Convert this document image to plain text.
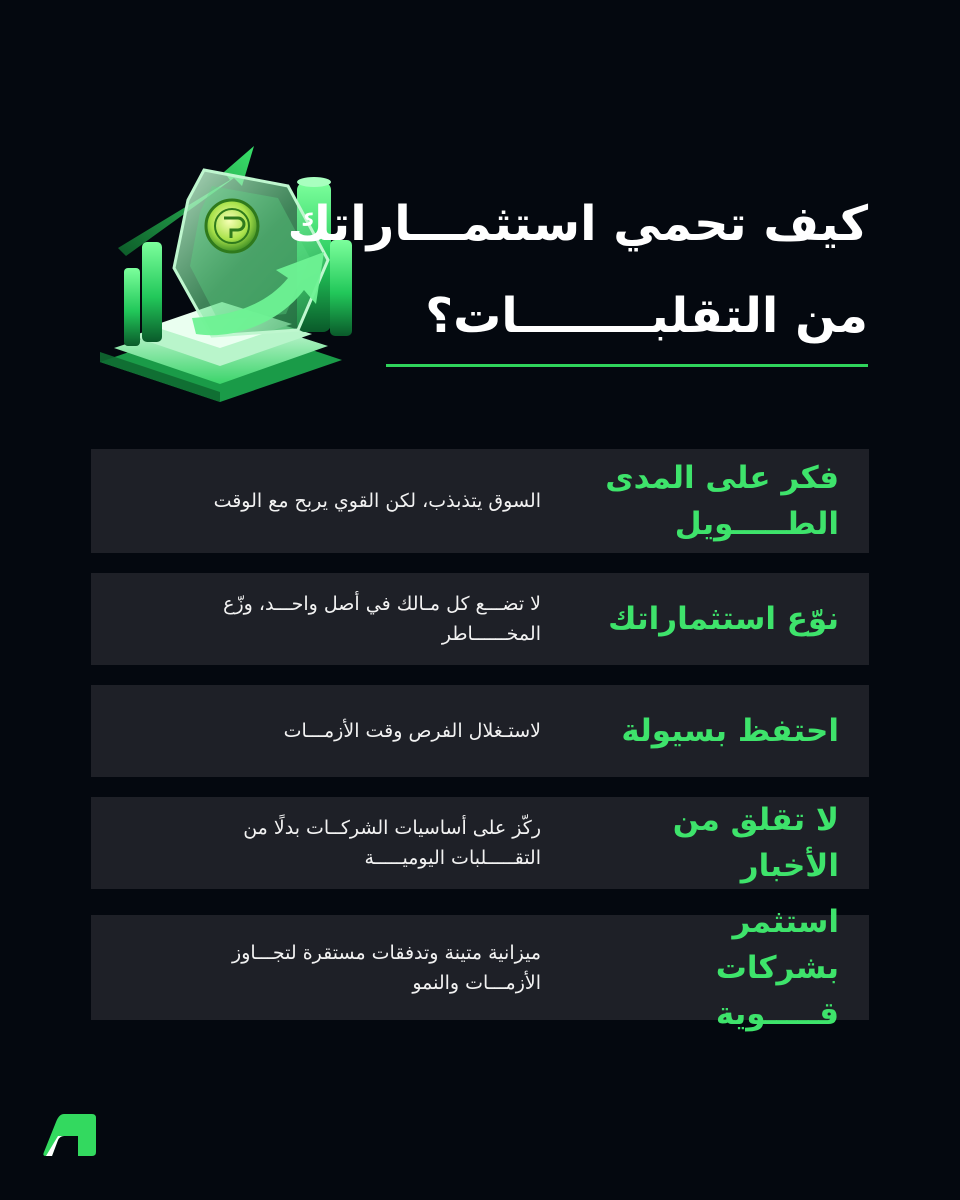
كيف تحمي استثمـــاراتك
من التقلبــــــــات؟
فكر على المدى الطـــــويل
السوق يتذبذب، لكن القوي يربح مع الوقت
نوّع استثماراتك
لا تضـــع كل مـالك في أصل واحـــد، وزّع المخــــــاطر
احتفظ بسيولة
لاستـغلال الفرص وقت الأزمـــات
لا تقلق من الأخبار
ركّز على أساسيات الشركــات بدلًا من التقـــــلبات اليوميـــــة
استثمر بشركات قـــــوية
ميزانية متينة وتدفقات مستقرة لتجـــاوز الأزمـــات والنمو
